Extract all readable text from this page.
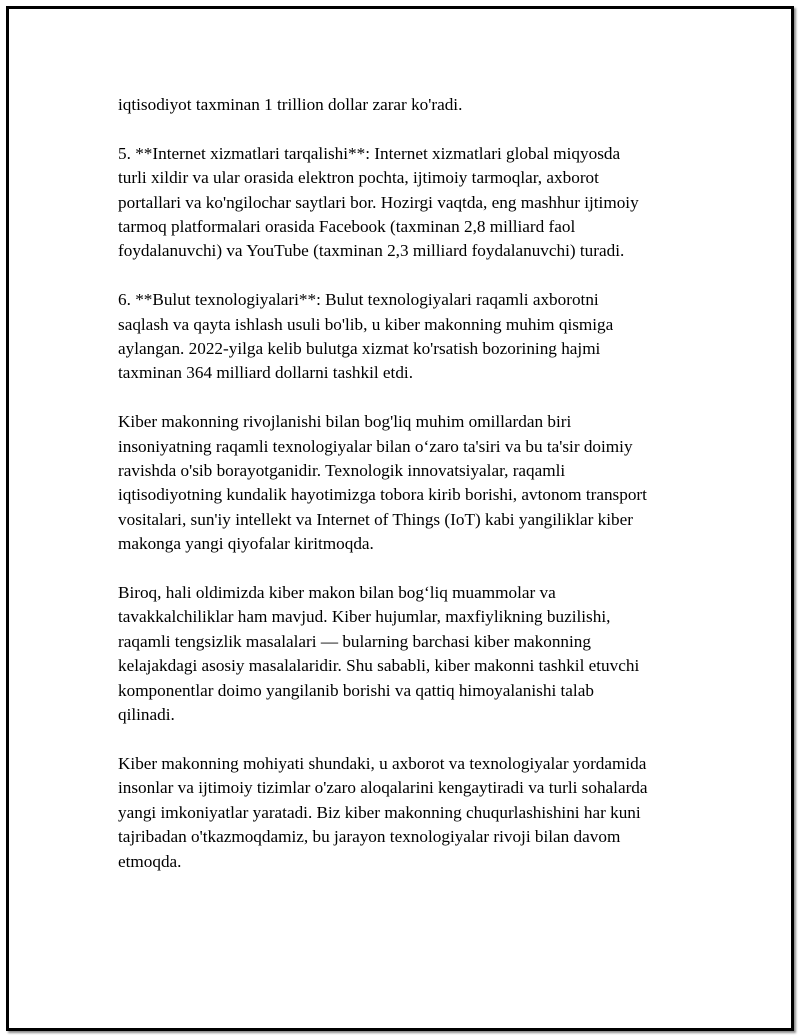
iqtisodiyot taxminan 1 trillion dollar zarar ko'radi.

5. **Internet xizmatlari tarqalishi**: Internet xizmatlari global miqyosda
turli xildir va ular orasida elektron pochta, ijtimoiy tarmoqlar, axborot
portallari va ko'ngilochar saytlari bor. Hozirgi vaqtda, eng mashhur ijtimoiy
tarmoq platformalari orasida Facebook (taxminan 2,8 milliard faol
foydalanuvchi) va YouTube (taxminan 2,3 milliard foydalanuvchi) turadi.

6. **Bulut texnologiyalari**: Bulut texnologiyalari raqamli axborotni
saqlash va qayta ishlash usuli bo'lib, u kiber makonning muhim qismiga
aylangan. 2022-yilga kelib bulutga xizmat ko'rsatish bozorining hajmi
taxminan 364 milliard dollarni tashkil etdi.

Kiber makonning rivojlanishi bilan bog'liq muhim omillardan biri
insoniyatning raqamli texnologiyalar bilan o‘zaro ta'siri va bu ta'sir doimiy
ravishda o'sib borayotganidir. Texnologik innovatsiyalar, raqamli
iqtisodiyotning kundalik hayotimizga tobora kirib borishi, avtonom transport
vositalari, sun'iy intellekt va Internet of Things (IoT) kabi yangiliklar kiber
makonga yangi qiyofalar kiritmoqda.

Biroq, hali oldimizda kiber makon bilan bog‘liq muammolar va
tavakkalchiliklar ham mavjud. Kiber hujumlar, maxfiylikning buzilishi,
raqamli tengsizlik masalalari — bularning barchasi kiber makonning
kelajakdagi asosiy masalalaridir. Shu sababli, kiber makonni tashkil etuvchi
komponentlar doimo yangilanib borishi va qattiq himoyalanishi talab
qilinadi.

Kiber makonning mohiyati shundaki, u axborot va texnologiyalar yordamida
insonlar va ijtimoiy tizimlar o'zaro aloqalarini kengaytiradi va turli sohalarda
yangi imkoniyatlar yaratadi. Biz kiber makonning chuqurlashishini har kuni
tajribadan o'tkazmoqdamiz, bu jarayon texnologiyalar rivoji bilan davom
etmoqda.
